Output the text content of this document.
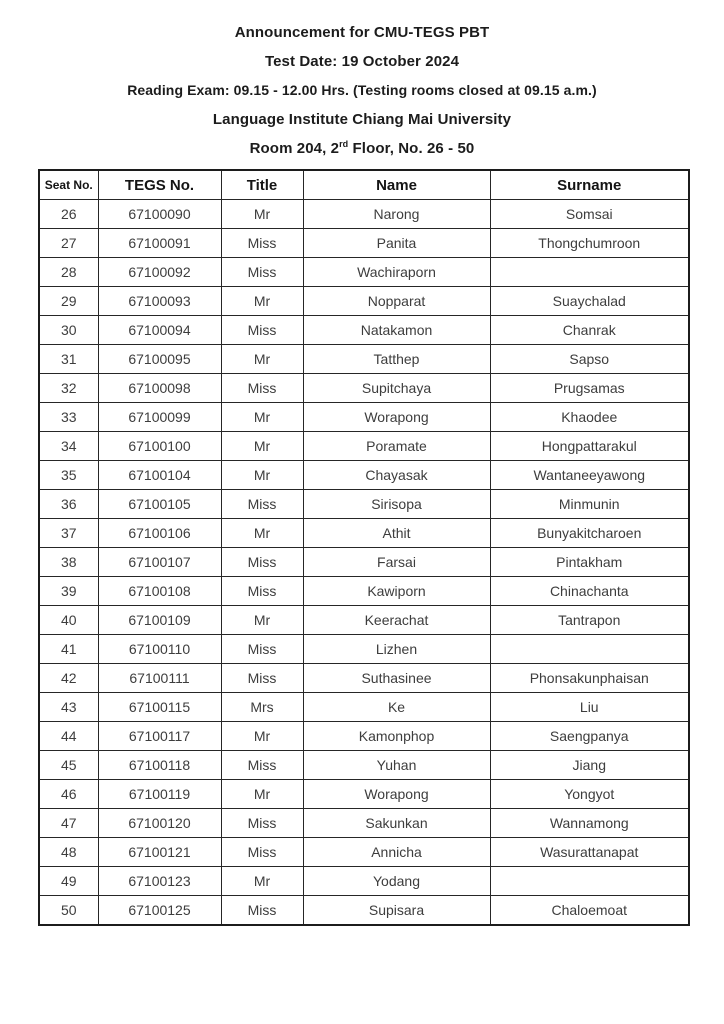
Announcement for CMU-TEGS PBT

Test Date: 19 October 2024

Reading Exam: 09.15 - 12.00 Hrs. (Testing rooms closed at 09.15 a.m.)

Language Institute Chiang Mai University

Room 204, 2rd Floor, No. 26 - 50

Seat No.	TEGS No.	Title	Name	Surname
26	67100090	Mr	Narong	Somsai
27	67100091	Miss	Panita	Thongchumroon
28	67100092	Miss	Wachiraporn	
29	67100093	Mr	Nopparat	Suaychalad
30	67100094	Miss	Natakamon	Chanrak
31	67100095	Mr	Tatthep	Sapso
32	67100098	Miss	Supitchaya	Prugsamas
33	67100099	Mr	Worapong	Khaodee
34	67100100	Mr	Poramate	Hongpattarakul
35	67100104	Mr	Chayasak	Wantaneeyawong
36	67100105	Miss	Sirisopa	Minmunin
37	67100106	Mr	Athit	Bunyakitcharoen
38	67100107	Miss	Farsai	Pintakham
39	67100108	Miss	Kawiporn	Chinachanta
40	67100109	Mr	Keerachat	Tantrapon
41	67100110	Miss	Lizhen	
42	67100111	Miss	Suthasinee	Phonsakunphaisan
43	67100115	Mrs	Ke	Liu
44	67100117	Mr	Kamonphop	Saengpanya
45	67100118	Miss	Yuhan	Jiang
46	67100119	Mr	Worapong	Yongyot
47	67100120	Miss	Sakunkan	Wannamong
48	67100121	Miss	Annicha	Wasurattanapat
49	67100123	Mr	Yodang	
50	67100125	Miss	Supisara	Chaloemoat
